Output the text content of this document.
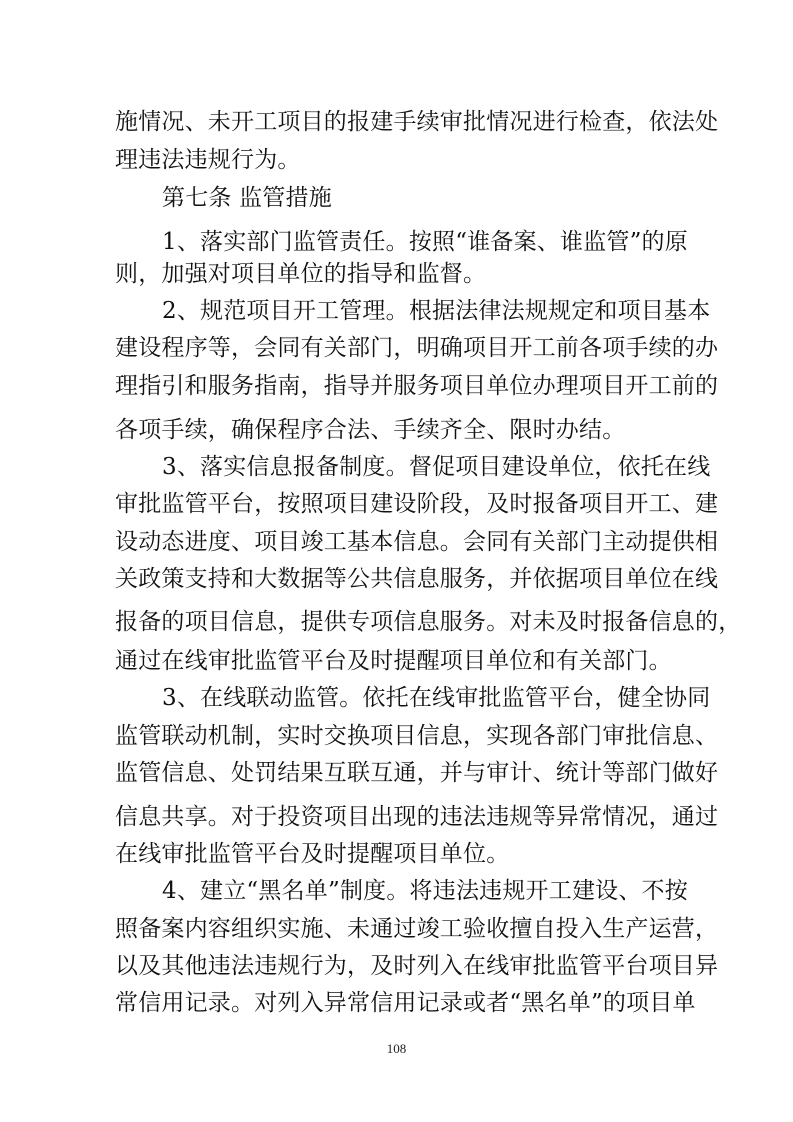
施情况、未开工项目的报建手续审批情况进行检查，依法处
理违法违规行为。
第七条 监管措施
1、落实部门监管责任。按照“谁备案、谁监管”的原
则，加强对项目单位的指导和监督。
2、规范项目开工管理。根据法律法规规定和项目基本
建设程序等，会同有关部门，明确项目开工前各项手续的办
理指引和服务指南，指导并服务项目单位办理项目开工前的
各项手续，确保程序合法、手续齐全、限时办结。
3、落实信息报备制度。督促项目建设单位，依托在线
审批监管平台，按照项目建设阶段，及时报备项目开工、建
设动态进度、项目竣工基本信息。会同有关部门主动提供相
关政策支持和大数据等公共信息服务，并依据项目单位在线
报备的项目信息，提供专项信息服务。对未及时报备信息的，
通过在线审批监管平台及时提醒项目单位和有关部门。
3、在线联动监管。依托在线审批监管平台，健全协同
监管联动机制，实时交换项目信息，实现各部门审批信息、
监管信息、处罚结果互联互通，并与审计、统计等部门做好
信息共享。对于投资项目出现的违法违规等异常情况，通过
在线审批监管平台及时提醒项目单位。
4、建立“黑名单”制度。将违法违规开工建设、不按
照备案内容组织实施、未通过竣工验收擅自投入生产运营，
以及其他违法违规行为，及时列入在线审批监管平台项目异
常信用记录。对列入异常信用记录或者“黑名单”的项目单
108
